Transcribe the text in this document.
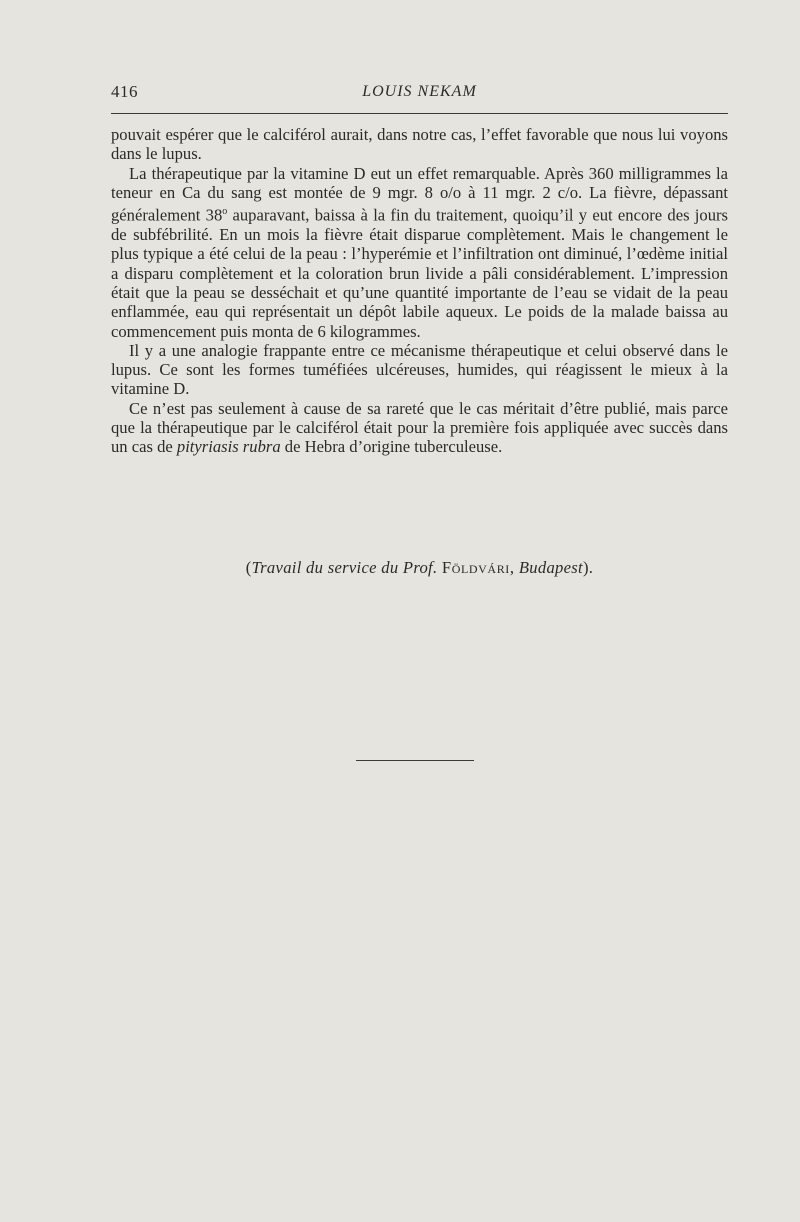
416	LOUIS NEKAM

pouvait espérer que le calciférol aurait, dans notre cas, l’effet favorable que nous lui voyons dans le lupus.

La thérapeutique par la vitamine D eut un effet remarquable. Après 360 milligrammes la teneur en Ca du sang est montée de 9 mgr. 8 o/o à 11 mgr. 2 c/o. La fièvre, dépassant généralement 38$^o$ auparavant, baissa à la fin du traitement, quoiqu’il y eut encore des jours de subfébrilité. En un mois la fièvre était disparue complètement. Mais le changement le plus typique a été celui de la peau : l’hyperémie et l’infiltration ont diminué, l’œdème initial a disparu complètement et la coloration brun livide a pâli considérablement. L’impression était que la peau se desséchait et qu’une quantité importante de l’eau se vidait de la peau enflammée, eau qui représentait un dépôt labile aqueux. Le poids de la malade baissa au commencement puis monta de 6 kilogrammes.

Il y a une analogie frappante entre ce mécanisme thérapeutique et celui observé dans le lupus. Ce sont les formes tuméfiées ulcéreuses, humides, qui réagissent le mieux à la vitamine D.

Ce n’est pas seulement à cause de sa rareté que le cas méritait d’être publié, mais parce que la thérapeutique par le calciférol était pour la première fois appliquée avec succès dans un cas de pityriasis rubra de Hebra d’origine tuberculeuse.

(Travail du service du Prof. Földvári, Budapest).
